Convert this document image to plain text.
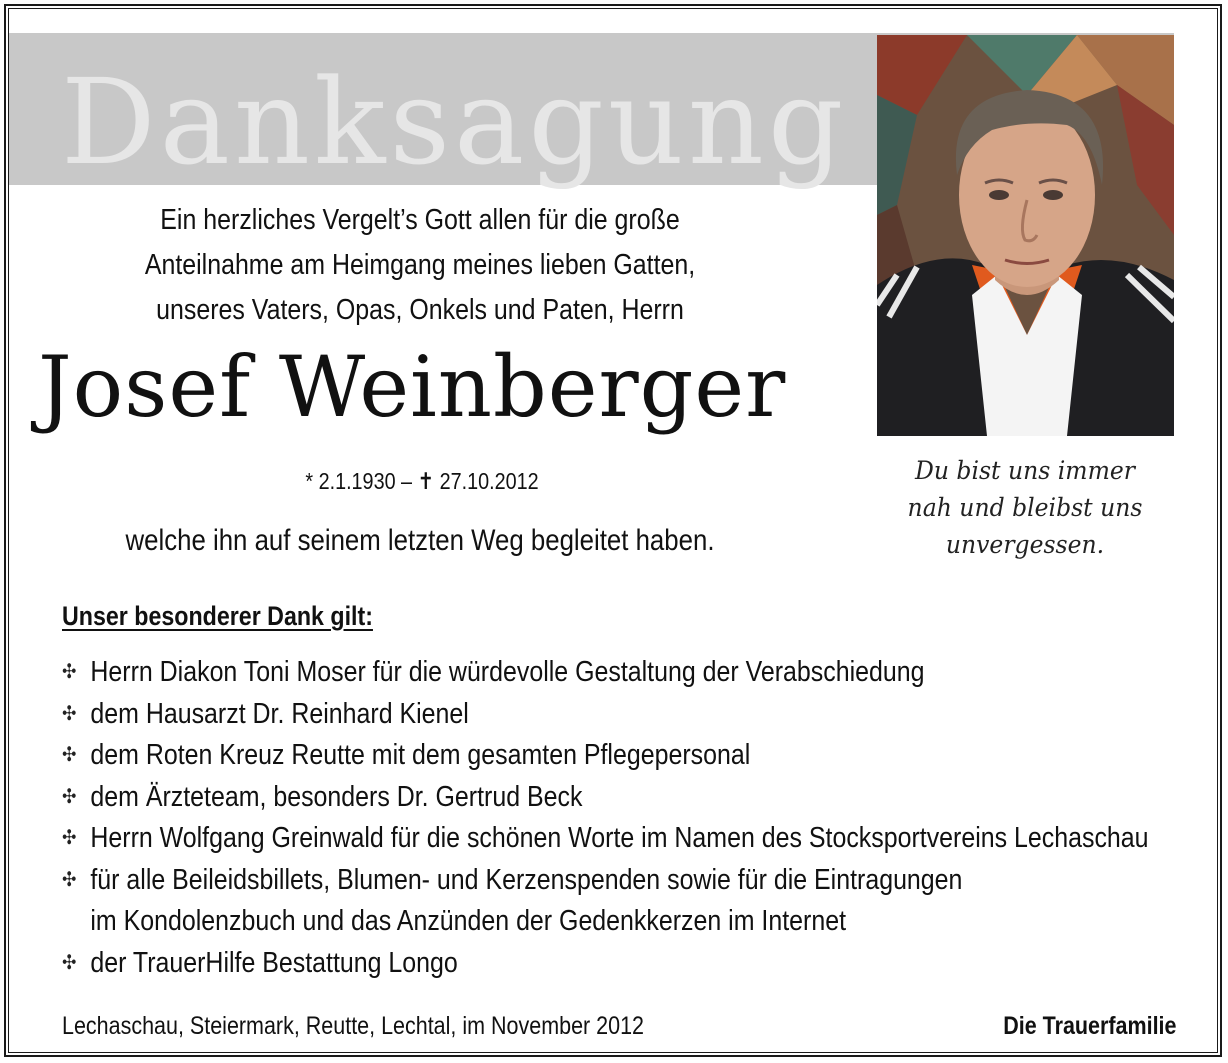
Danksagung
Ein herzliches Vergelt’s Gott allen für die große
Anteilnahme am Heimgang meines lieben Gatten,
unseres Vaters, Opas, Onkels und Paten, Herrn
Josef Weinberger
* 2.1.1930 – ✝ 27.10.2012
welche ihn auf seinem letzten Weg begleitet haben.
Du bist uns immer
nah und bleibst uns
unvergessen.
Unser besonderer Dank gilt:
✣ Herrn Diakon Toni Moser für die würdevolle Gestaltung der Verabschiedung
✣ dem Hausarzt Dr. Reinhard Kienel
✣ dem Roten Kreuz Reutte mit dem gesamten Pflegepersonal
✣ dem Ärzteteam, besonders Dr. Gertrud Beck
✣ Herrn Wolfgang Greinwald für die schönen Worte im Namen des Stocksportvereins Lechaschau
✣ für alle Beileidsbillets, Blumen- und Kerzenspenden sowie für die Eintragungen
im Kondolenzbuch und das Anzünden der Gedenkkerzen im Internet
✣ der TrauerHilfe Bestattung Longo
Lechaschau, Steiermark, Reutte, Lechtal, im November 2012	Die Trauerfamilie
